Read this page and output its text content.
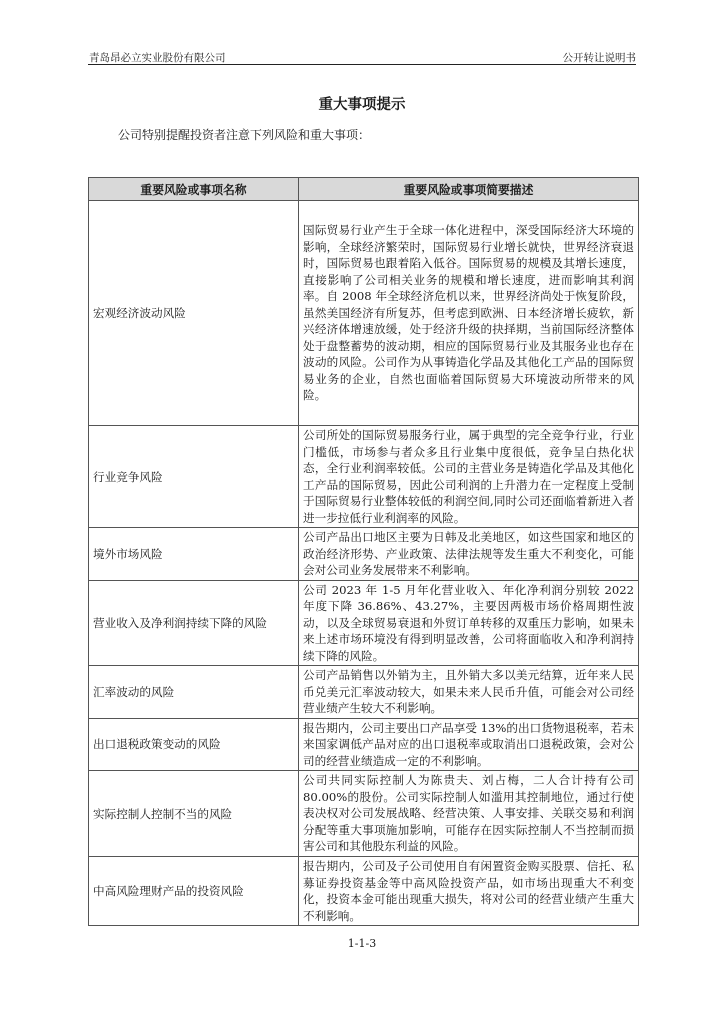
青岛昂必立实业股份有限公司	公开转让说明书
重大事项提示
公司特别提醒投资者注意下列风险和重大事项：
重要风险或事项名称	重要风险或事项简要描述
宏观经济波动风险	国际贸易行业产生于全球一体化进程中，深受国际经济大环境的影响，全球经济繁荣时，国际贸易行业增长就快，世界经济衰退时，国际贸易也跟着陷入低谷。国际贸易的规模及其增长速度，直接影响了公司相关业务的规模和增长速度，进而影响其利润率。自 2008 年全球经济危机以来，世界经济尚处于恢复阶段，虽然美国经济有所复苏，但考虑到欧洲、日本经济增长疲软，新兴经济体增速放缓，处于经济升级的抉择期，当前国际经济整体处于盘整蓄势的波动期，相应的国际贸易行业及其服务业也存在波动的风险。公司作为从事铸造化学品及其他化工产品的国际贸易业务的企业，自然也面临着国际贸易大环境波动所带来的风险。
行业竞争风险	公司所处的国际贸易服务行业，属于典型的完全竞争行业，行业门槛低，市场参与者众多且行业集中度很低，竞争呈白热化状态，全行业利润率较低。公司的主营业务是铸造化学品及其他化工产品的国际贸易，因此公司利润的上升潜力在一定程度上受制于国际贸易行业整体较低的利润空间,同时公司还面临着新进入者进一步拉低行业利润率的风险。
境外市场风险	公司产品出口地区主要为日韩及北美地区，如这些国家和地区的政治经济形势、产业政策、法律法规等发生重大不利变化，可能会对公司业务发展带来不利影响。
营业收入及净利润持续下降的风险	公司 2023 年 1-5 月年化营业收入、年化净利润分别较 2022 年度下降 36.86%、43.27%，主要因两极市场价格周期性波动，以及全球贸易衰退和外贸订单转移的双重压力影响，如果未来上述市场环境没有得到明显改善，公司将面临收入和净利润持续下降的风险。
汇率波动的风险	公司产品销售以外销为主，且外销大多以美元结算，近年来人民币兑美元汇率波动较大，如果未来人民币升值，可能会对公司经营业绩产生较大不利影响。
出口退税政策变动的风险	报告期内，公司主要出口产品享受 13%的出口货物退税率，若未来国家调低产品对应的出口退税率或取消出口退税政策，会对公司的经营业绩造成一定的不利影响。
实际控制人控制不当的风险	公司共同实际控制人为陈贵夫、刘占梅，二人合计持有公司 80.00%的股份。公司实际控制人如滥用其控制地位，通过行使表决权对公司发展战略、经营决策、人事安排、关联交易和利润分配等重大事项施加影响，可能存在因实际控制人不当控制而损害公司和其他股东利益的风险。
中高风险理财产品的投资风险	报告期内，公司及子公司使用自有闲置资金购买股票、信托、私募证券投资基金等中高风险投资产品，如市场出现重大不利变化，投资本金可能出现重大损失，将对公司的经营业绩产生重大不利影响。
1-1-3
